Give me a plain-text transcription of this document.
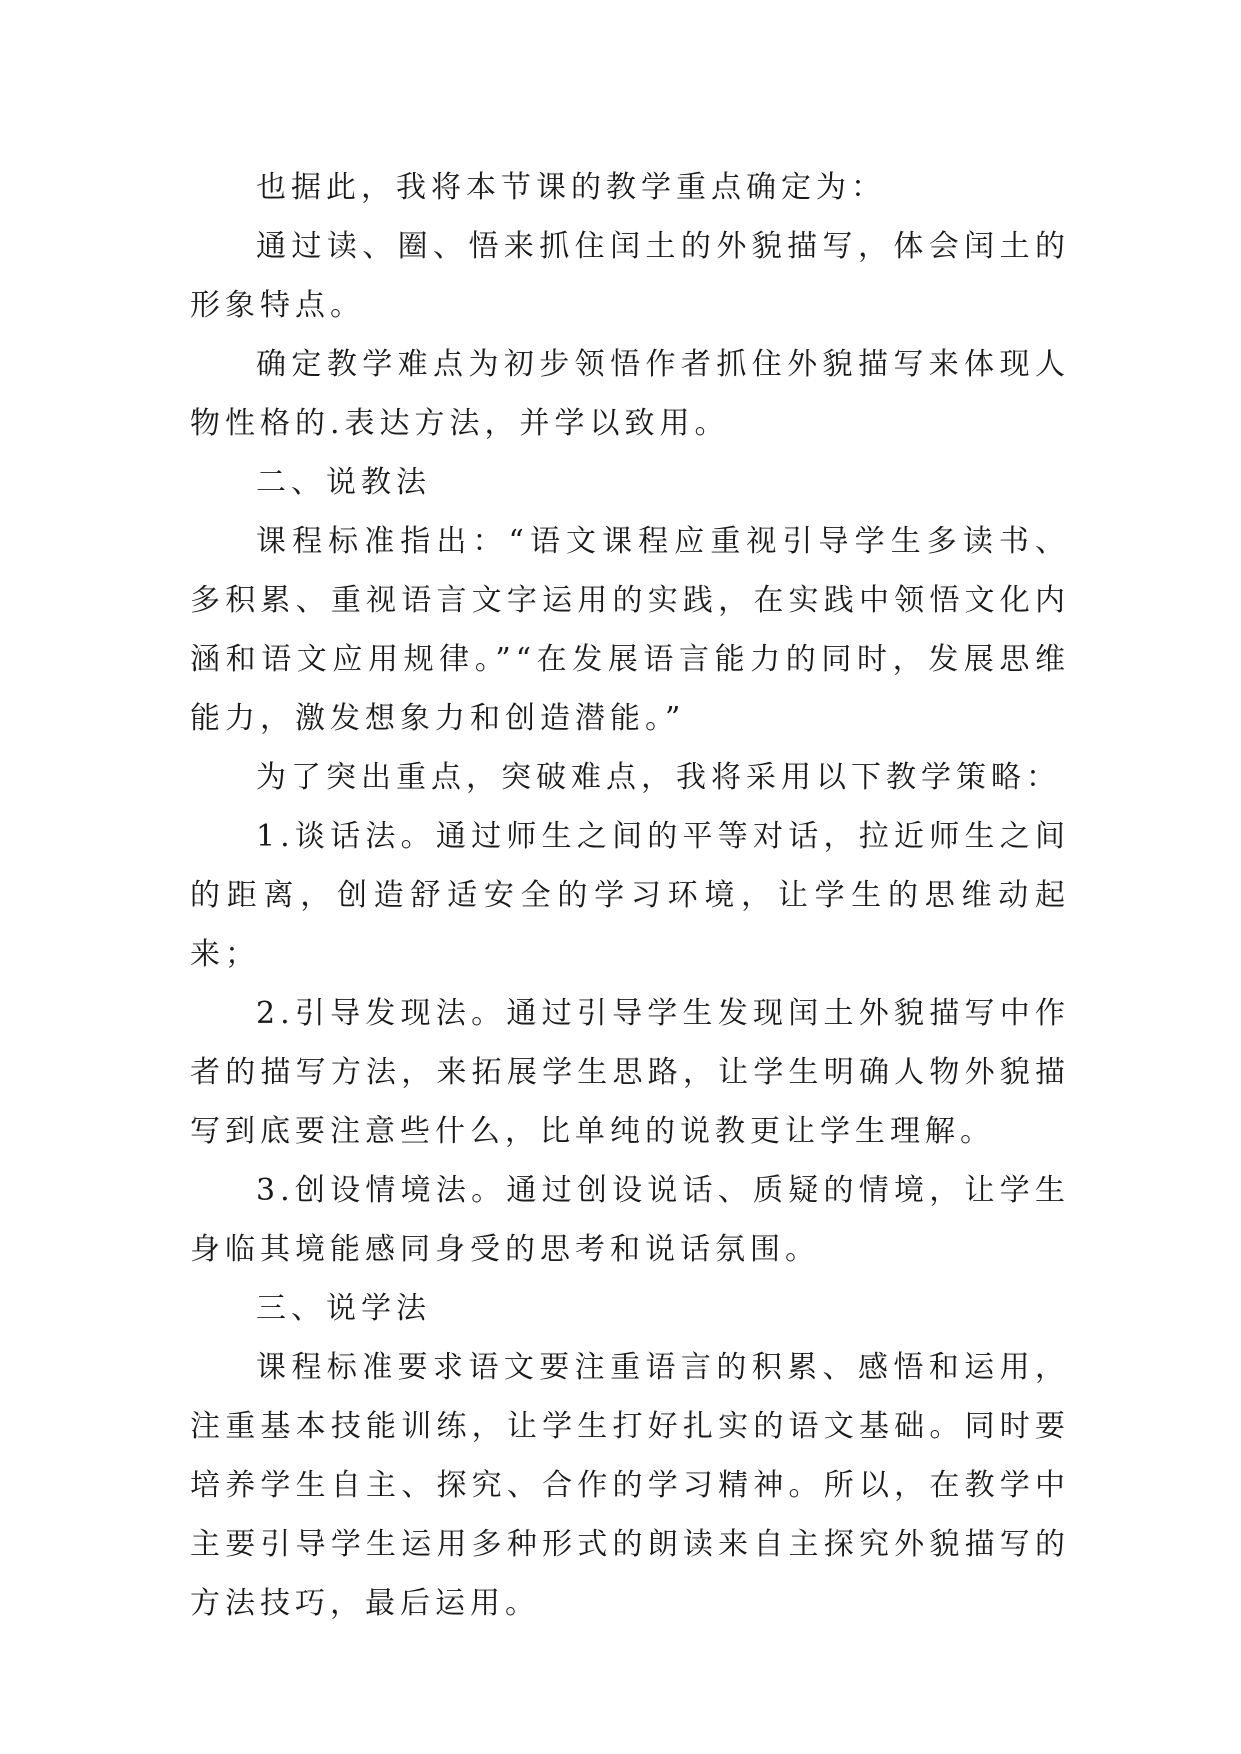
也据此，我将本节课的教学重点确定为：

通过读、圈、悟来抓住闰土的外貌描写，体会闰土的形象特点。

确定教学难点为初步领悟作者抓住外貌描写来体现人物性格的.表达方法，并学以致用。

二、说教法

课程标准指出：“语文课程应重视引导学生多读书、多积累、重视语言文字运用的实践，在实践中领悟文化内涵和语文应用规律。”“在发展语言能力的同时，发展思维能力，激发想象力和创造潜能。”

为了突出重点，突破难点，我将采用以下教学策略：

1.谈话法。通过师生之间的平等对话，拉近师生之间的距离，创造舒适安全的学习环境，让学生的思维动起来；

2.引导发现法。通过引导学生发现闰土外貌描写中作者的描写方法，来拓展学生思路，让学生明确人物外貌描写到底要注意些什么，比单纯的说教更让学生理解。

3.创设情境法。通过创设说话、质疑的情境，让学生身临其境能感同身受的思考和说话氛围。

三、说学法

课程标准要求语文要注重语言的积累、感悟和运用，注重基本技能训练，让学生打好扎实的语文基础。同时要培养学生自主、探究、合作的学习精神。所以，在教学中主要引导学生运用多种形式的朗读来自主探究外貌描写的方法技巧，最后运用。
